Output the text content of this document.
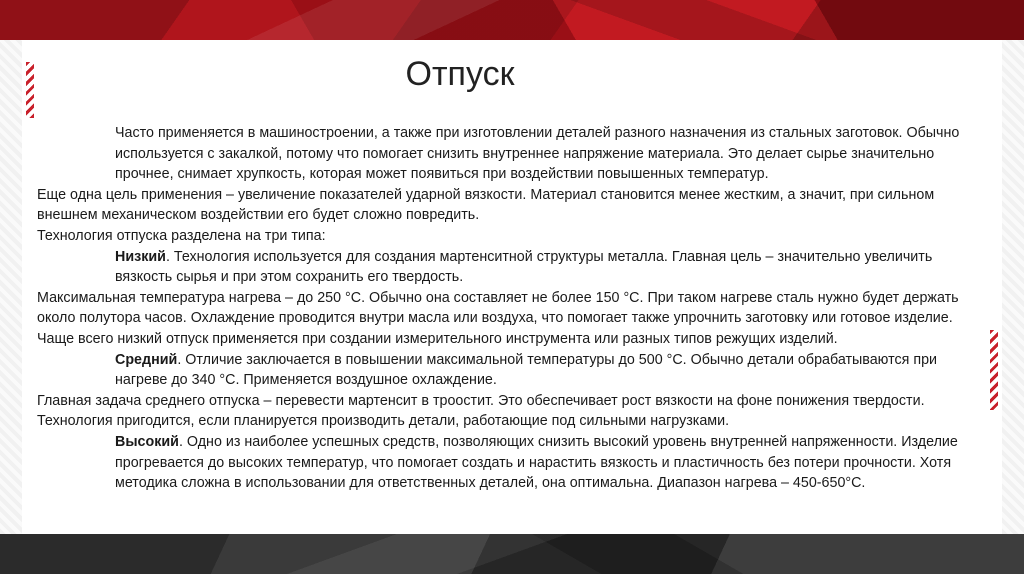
Отпуск

Часто применяется в машиностроении, а также при изготовлении деталей разного назначения из стальных заготовок. Обычно используется с закалкой, потому что помогает снизить внутреннее напряжение материала. Это делает сырье значительно прочнее, снимает хрупкость, которая может появиться при воздействии повышенных температур.

Еще одна цель применения – увеличение показателей ударной вязкости. Материал становится менее жестким, а значит, при сильном внешнем механическом воздействии его будет сложно повредить.

Технология отпуска разделена на три типа:

Низкий. Технология используется для создания мартенситной структуры металла. Главная цель – значительно увеличить вязкость сырья и при этом сохранить его твердость.

Максимальная температура нагрева – до 250 °С. Обычно она составляет не более 150 °С. При таком нагреве сталь нужно будет держать около полутора часов. Охлаждение проводится внутри масла или воздуха, что помогает также упрочнить заготовку или готовое изделие.

Чаще всего низкий отпуск применяется при создании измерительного инструмента или разных типов режущих изделий.

Средний. Отличие заключается в повышении максимальной температуры до 500 °С. Обычно детали обрабатываются при нагреве до 340 °С. Применяется воздушное охлаждение.

Главная задача среднего отпуска – перевести мартенсит в троостит. Это обеспечивает рост вязкости на фоне понижения твердости. Технология пригодится, если планируется производить детали, работающие под сильными нагрузками.

Высокий. Одно из наиболее успешных средств, позволяющих снизить высокий уровень внутренней напряженности. Изделие прогревается до высоких температур, что помогает создать и нарастить вязкость и пластичность без потери прочности. Хотя методика сложна в использовании для ответственных деталей, она оптимальна. Диапазон нагрева – 450-650°С.
